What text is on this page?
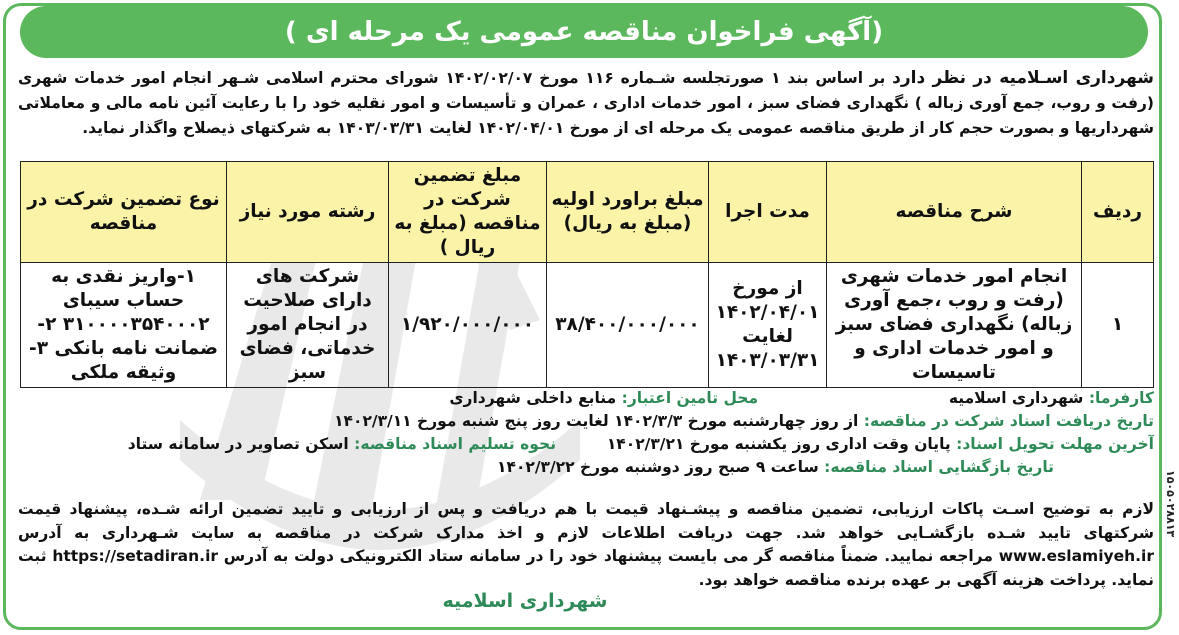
(آگهی فراخوان مناقصه عمومی یک مرحله ای )
شهرداری اسـلامیه در نظر دارد بر اساس بند ۱ صورتجلسه شـماره ۱۱۶ مورخ ۱۴۰۲/۰۲/۰۷ شورای محترم اسلامی شـهر انجام امور خدمات شهری (رفت و روب، جمع آوری زباله ) نگهداری فضای سبز ، امور خدمات اداری ، عمران و تأسیسات و امور نقلیه خود را با رعایت آئین نامه مالی و معاملاتی شهرداریها و بصورت حجم کار از طریق مناقصه عمومی یک مرحله ای از مورخ ۱۴۰۲/۰۴/۰۱ لغایت ۱۴۰۳/۰۳/۳۱ به شرکتهای ذیصلاح واگذار نماید.
ردیف	شرح مناقصه	مدت اجرا	مبلغ براورد اولیه (مبلغ به ریال)	مبلغ تضمین شرکت در مناقصه (مبلغ به ریال )	رشته مورد نیاز	نوع تضمین شرکت در مناقصه
۱	انجام امور خدمات شهری (رفت و روب ،جمع آوری زباله) نگهداری فضای سبز و امور خدمات اداری و تاسیسات	از مورخ ۱۴۰۲/۰۴/۰۱ لغایت ۱۴۰۳/۰۳/۳۱	۳۸/۴۰۰/۰۰۰/۰۰۰	۱/۹۲۰/۰۰۰/۰۰۰	شرکت های دارای صلاحیت در انجام امور خدماتی، فضای سبز	۱-واریز نقدی به حساب سیبای ۳۱۰۰۰۰۳۵۴۰۰۰۲ ۲-ضمانت نامه بانکی ۳-وثیقه ملکی
کارفرما: شهرداری اسلامیه  محل تامین اعتبار: منابع داخلی شهرداری
تاریخ دریافت اسناد شرکت در مناقصه: از روز چهارشنبه مورخ ۱۴۰۲/۳/۳ لغایت روز پنج شنبه مورخ ۱۴۰۲/۳/۱۱
آخرین مهلت تحویل اسناد: پایان وقت اداری روز یکشنبه مورخ ۱۴۰۲/۳/۲۱  نحوه تسلیم اسناد مناقصه: اسکن تصاویر در سامانه ستاد
تاریخ بازگشایی اسناد مناقصه: ساعت ۹ صبح روز دوشنبه مورخ ۱۴۰۲/۳/۲۲
لازم به توضیح اسـت پاکات ارزیابی، تضمین مناقصه و پیشـنهاد قیمت با هم دریافت و پس از ارزیابی و تایید تضمین ارائه شـده، پیشنهاد قیمت شرکتهای تایید شـده بازگشـایی خواهد شد. جهت دریافت اطلاعات لازم و اخذ مدارک شرکت در مناقصه به سایت شـهرداری به آدرس www.eslamiyeh.ir مراجعه نمایید. ضمناً مناقصه گر می بایست پیشنهاد خود را در سامانه ستاد الکترونیکی دولت به آدرس https://setadiran.ir ثبت نماید. پرداخت هزینه آگهی بر عهده برنده مناقصه خواهد بود.
شهرداری اسلامیه
۱۵۰۵۰۲۸۸۱۳
